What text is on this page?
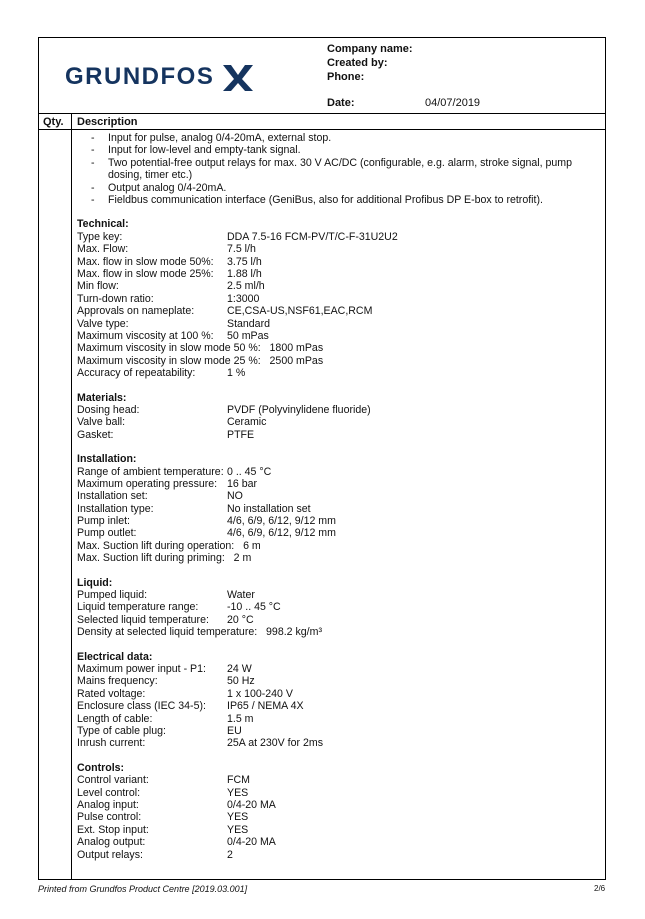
GRUNDFOS
Company name:
Created by:
Phone:
Date:	04/07/2019
Qty. Description
- Input for pulse, analog 0/4-20mA, external stop.
- Input for low-level and empty-tank signal.
- Two potential-free output relays for max. 30 V AC/DC (configurable, e.g. alarm, stroke signal, pump dosing, timer etc.)
- Output analog 0/4-20mA.
- Fieldbus communication interface (GeniBus, also for additional Profibus DP E-box to retrofit).
Technical:
Type key:	DDA 7.5-16 FCM-PV/T/C-F-31U2U2
Max. Flow:	7.5 l/h
Max. flow in slow mode 50%: 3.75 l/h
Max. flow in slow mode 25%: 1.88 l/h
Min flow:	2.5 ml/h
Turn-down ratio:	1:3000
Approvals on nameplate:	CE,CSA-US,NSF61,EAC,RCM
Valve type:	Standard
Maximum viscosity at 100 %: 50 mPas
Maximum viscosity in slow mode 50 %: 1800 mPas
Maximum viscosity in slow mode 25 %: 2500 mPas
Accuracy of repeatability:	1 %
Materials:
Dosing head:	PVDF (Polyvinylidene fluoride)
Valve ball:	Ceramic
Gasket:	PTFE
Installation:
Range of ambient temperature: 0 .. 45 °C
Maximum operating pressure: 16 bar
Installation set:	NO
Installation type:	No installation set
Pump inlet:	4/6, 6/9, 6/12, 9/12 mm
Pump outlet:	4/6, 6/9, 6/12, 9/12 mm
Max. Suction lift during operation: 6 m
Max. Suction lift during priming: 2 m
Liquid:
Pumped liquid:	Water
Liquid temperature range:	-10 .. 45 °C
Selected liquid temperature: 20 °C
Density at selected liquid temperature: 998.2 kg/m³
Electrical data:
Maximum power input - P1: 24 W
Mains frequency:	50 Hz
Rated voltage:	1 x 100-240 V
Enclosure class (IEC 34-5): IP65 / NEMA 4X
Length of cable:	1.5 m
Type of cable plug:	EU
Inrush current:	25A at 230V for 2ms
Controls:
Control variant:	FCM
Level control:	YES
Analog input:	0/4-20 MA
Pulse control:	YES
Ext. Stop input:	YES
Analog output:	0/4-20 MA
Output relays:	2
Printed from Grundfos Product Centre [2019.03.001]	2/6
